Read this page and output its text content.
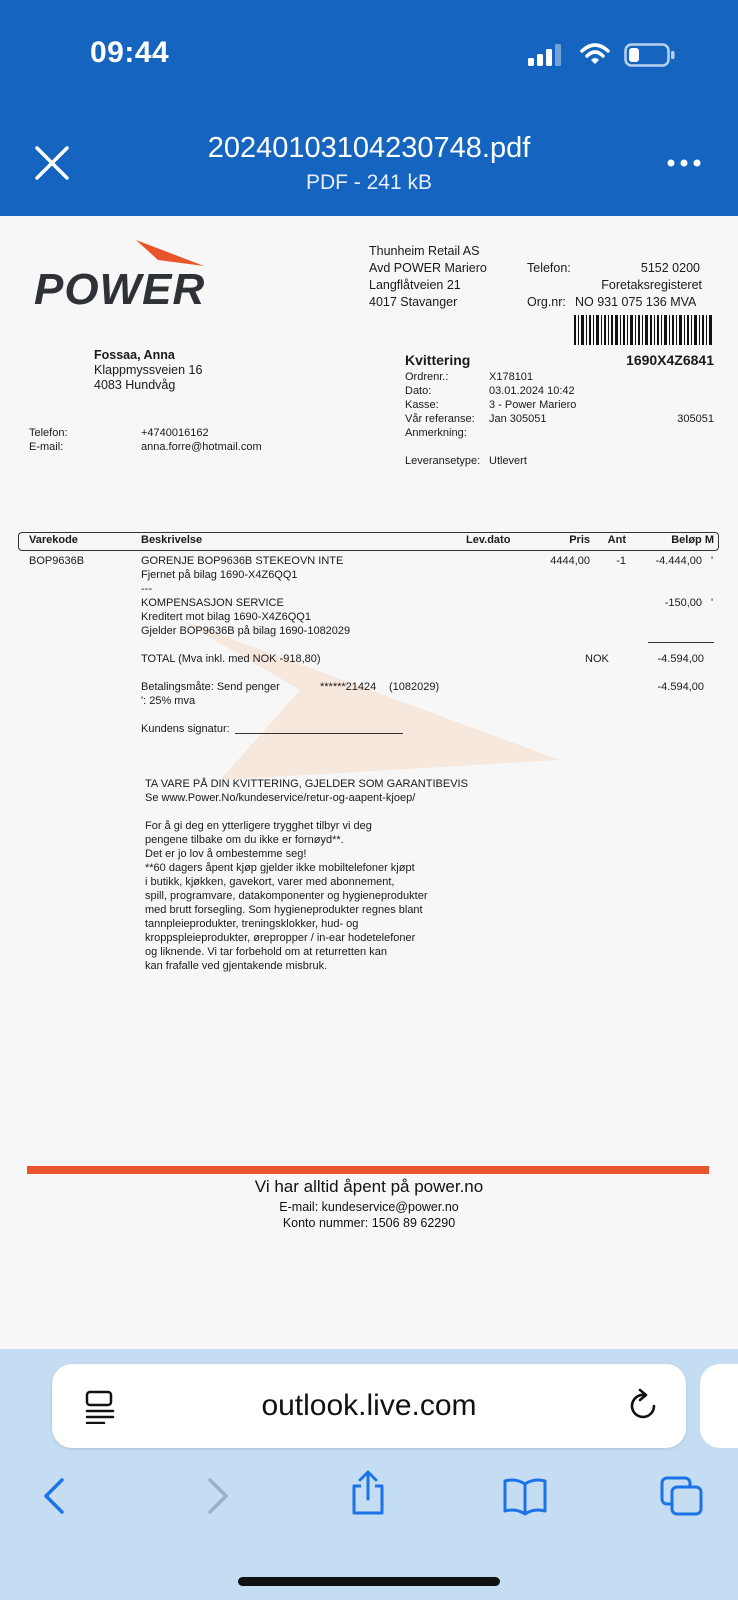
09:44
20240103104230748.pdf
PDF - 241 kB
POWER
Thunheim Retail AS
Avd POWER Mariero
Langflåtveien 21
4017 Stavanger
Telefon:	5152 0200
Foretaksregisteret
Org.nr: NO 931 075 136 MVA
Fossaa, Anna
Klappmyssveien 16
4083 Hundvåg
Telefon:	+4740016162
E-mail:	anna.forre@hotmail.com
Kvittering	1690X4Z6841
Ordrenr.:	X178101
Dato:	03.01.2024 10:42
Kasse:	3 - Power Mariero
Vår referanse: Jan 305051	305051
Anmerkning:
Leveransetype: Utlevert
Varekode	Beskrivelse	Lev.dato	Pris	Ant	Beløp M
BOP9636B	GORENJE BOP9636B STEKEOVN INTE	4444,00	-1	-4.444,00 '
Fjernet på bilag 1690-X4Z6QQ1
---
KOMPENSASJON SERVICE	-150,00 '
Kreditert mot bilag 1690-X4Z6QQ1
Gjelder BOP9636B på bilag 1690-1082029
TOTAL (Mva inkl. med NOK -918,80)	NOK	-4.594,00
Betalingsmåte: Send penger	******21424 (1082029)	-4.594,00
': 25% mva
Kundens signatur:
TA VARE PÅ DIN KVITTERING, GJELDER SOM GARANTIBEVIS
Se www.Power.No/kundeservice/retur-og-aapent-kjoep/
For å gi deg en ytterligere trygghet tilbyr vi deg
pengene tilbake om du ikke er fornøyd**.
Det er jo lov å ombestemme seg!
**60 dagers åpent kjøp gjelder ikke mobiltelefoner kjøpt
i butikk, kjøkken, gavekort, varer med abonnement,
spill, programvare, datakomponenter og hygieneprodukter
med brutt forsegling. Som hygieneprodukter regnes blant
tannpleieprodukter, treningsklokker, hud- og
kroppspleieprodukter, ørepropper / in-ear hodetelefoner
og liknende. Vi tar forbehold om at returretten kan
kan frafalle ved gjentakende misbruk.
Vi har alltid åpent på power.no
E-mail: kundeservice@power.no
Konto nummer: 1506 89 62290
outlook.live.com
